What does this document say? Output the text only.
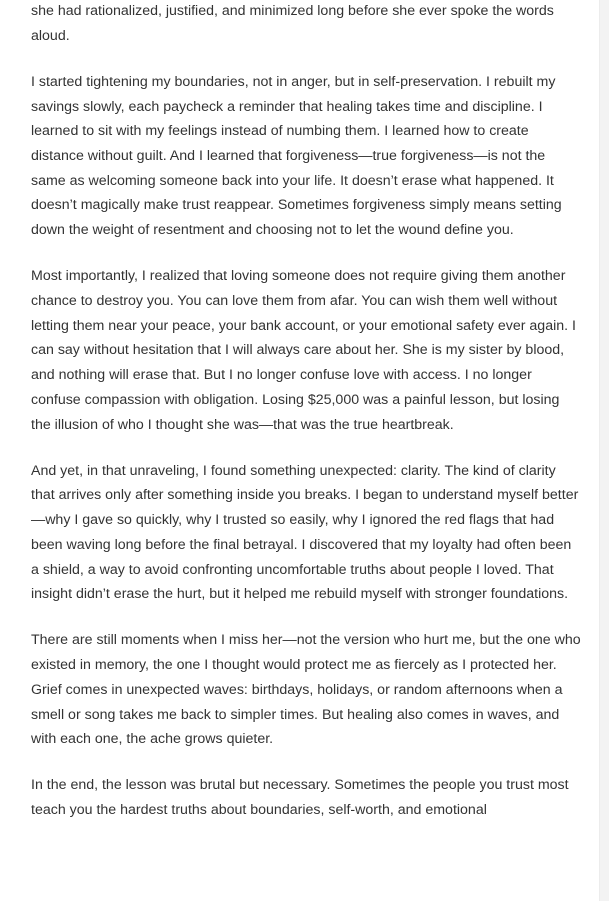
she had rationalized, justified, and minimized long before she ever spoke the words aloud.

I started tightening my boundaries, not in anger, but in self-preservation. I rebuilt my savings slowly, each paycheck a reminder that healing takes time and discipline. I learned to sit with my feelings instead of numbing them. I learned how to create distance without guilt. And I learned that forgiveness—true forgiveness—is not the same as welcoming someone back into your life. It doesn’t erase what happened. It doesn’t magically make trust reappear. Sometimes forgiveness simply means setting down the weight of resentment and choosing not to let the wound define you.

Most importantly, I realized that loving someone does not require giving them another chance to destroy you. You can love them from afar. You can wish them well without letting them near your peace, your bank account, or your emotional safety ever again. I can say without hesitation that I will always care about her. She is my sister by blood, and nothing will erase that. But I no longer confuse love with access. I no longer confuse compassion with obligation. Losing $25,000 was a painful lesson, but losing the illusion of who I thought she was—that was the true heartbreak.

And yet, in that unraveling, I found something unexpected: clarity. The kind of clarity that arrives only after something inside you breaks. I began to understand myself better—why I gave so quickly, why I trusted so easily, why I ignored the red flags that had been waving long before the final betrayal. I discovered that my loyalty had often been a shield, a way to avoid confronting uncomfortable truths about people I loved. That insight didn’t erase the hurt, but it helped me rebuild myself with stronger foundations.

There are still moments when I miss her—not the version who hurt me, but the one who existed in memory, the one I thought would protect me as fiercely as I protected her. Grief comes in unexpected waves: birthdays, holidays, or random afternoons when a smell or song takes me back to simpler times. But healing also comes in waves, and with each one, the ache grows quieter.

In the end, the lesson was brutal but necessary. Sometimes the people you trust most teach you the hardest truths about boundaries, self-worth, and emotional
